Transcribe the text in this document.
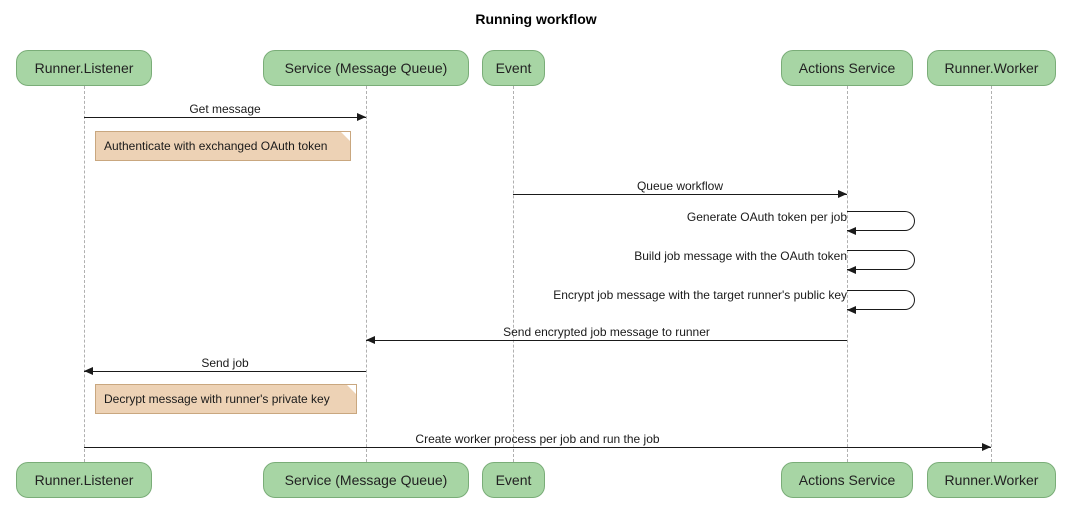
Running workflow
Runner.Listener	Service (Message Queue)	Event	Actions Service	Runner.Worker
Runner.Listener	Service (Message Queue)	Event	Actions Service	Runner.Worker
Get message
Authenticate with exchanged OAuth token
Queue workflow
Generate OAuth token per job
Build job message with the OAuth token
Encrypt job message with the target runner's public key
Send encrypted job message to runner
Send job
Decrypt message with runner's private key
Create worker process per job and run the job
